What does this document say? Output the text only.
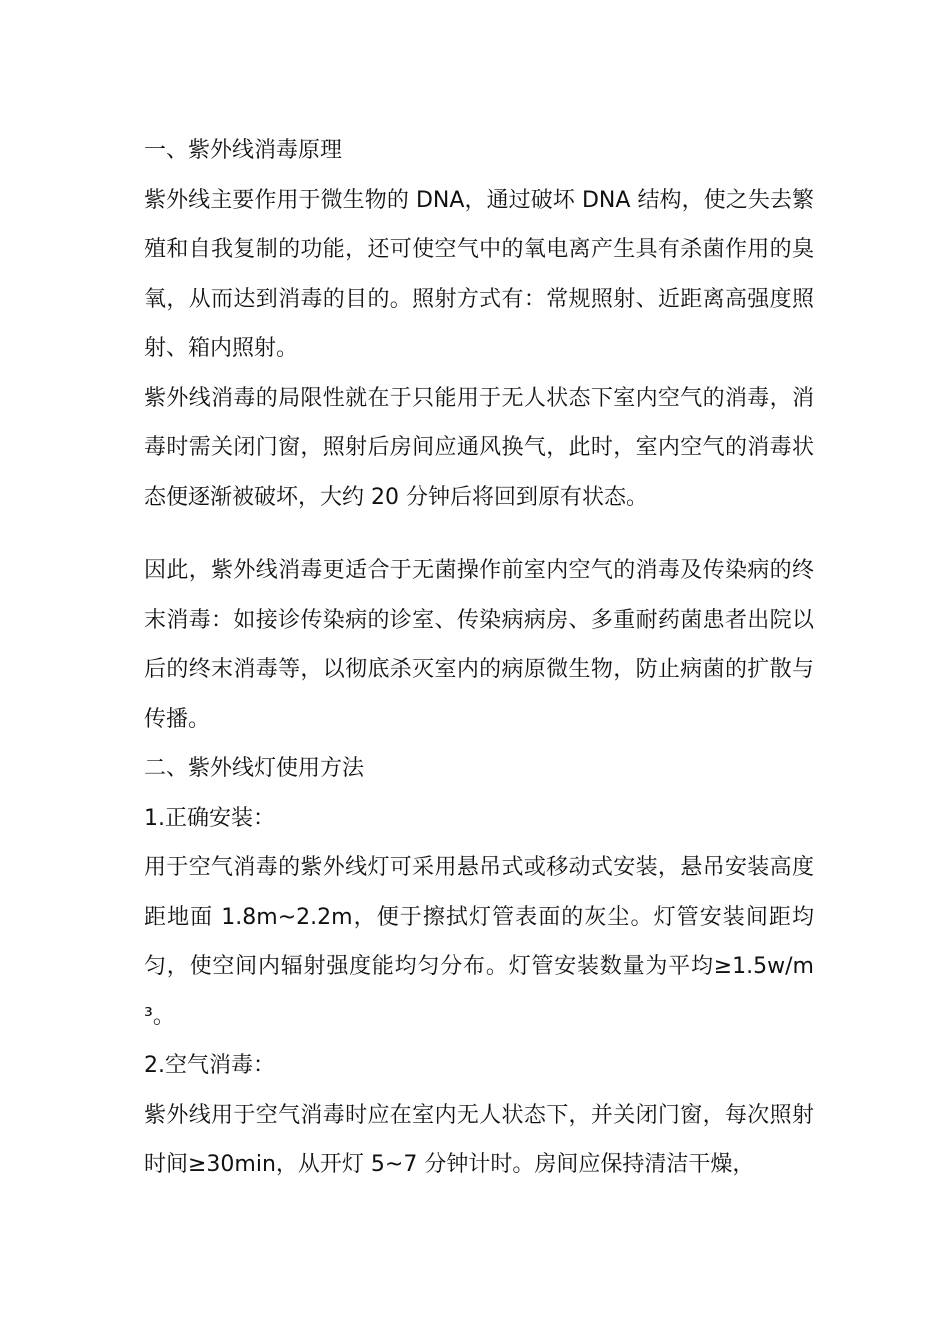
一、紫外线消毒原理

紫外线主要作用于微生物的 DNA，通过破坏 DNA 结构，使之失去繁殖和自我复制的功能，还可使空气中的氧电离产生具有杀菌作用的臭氧，从而达到消毒的目的。照射方式有：常规照射、近距离高强度照射、箱内照射。

紫外线消毒的局限性就在于只能用于无人状态下室内空气的消毒，消毒时需关闭门窗，照射后房间应通风换气，此时，室内空气的消毒状态便逐渐被破坏，大约 20 分钟后将回到原有状态。

因此，紫外线消毒更适合于无菌操作前室内空气的消毒及传染病的终末消毒：如接诊传染病的诊室、传染病病房、多重耐药菌患者出院以后的终末消毒等，以彻底杀灭室内的病原微生物，防止病菌的扩散与传播。

二、紫外线灯使用方法

1.正确安装：

用于空气消毒的紫外线灯可采用悬吊式或移动式安装，悬吊安装高度距地面 1.8m~2.2m，便于擦拭灯管表面的灰尘。灯管安装间距均匀，使空间内辐射强度能均匀分布。灯管安装数量为平均≥1.5w/m³。

2.空气消毒：

紫外线用于空气消毒时应在室内无人状态下，并关闭门窗，每次照射时间≥30min，从开灯 5~7 分钟计时。房间应保持清洁干燥，
